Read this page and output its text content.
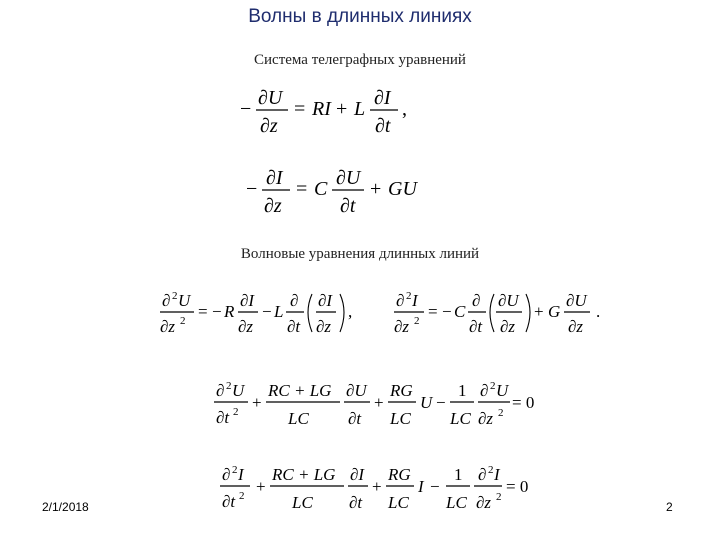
Волны в длинных линиях
Система телеграфных уравнений
− ∂U
∂z
= RI + L ∂I
∂t
,
− ∂I
∂z
= C ∂U
∂t
+ GU
Волновые уравнения длинных линий
∂ 2 U
∂z 2 = − R
∂I
∂z
− L
∂
∂t
∂I
∂z
,
∂ 2 I
∂z 2 = − C
∂
∂t
∂U
∂z
+ G
∂U
∂z
.
∂ 2 U
∂t 2 +
RC + LG
LC
∂U
∂t
+
RG
LC
U −
1
LC
∂ 2 U
∂z 2
= 0
∂ 2 I
∂t 2 +
RC + LG
LC
∂I
∂t
+
RG
LC
I −
1
LC
∂ 2 I
∂z 2
= 0
2/1/2018	2
